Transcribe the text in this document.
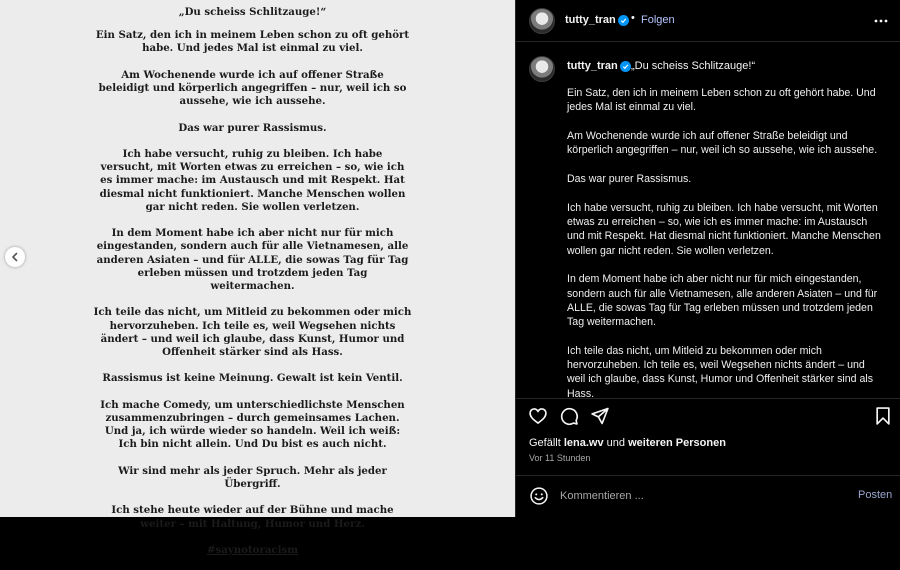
„Du scheiss Schlitzauge!“

Ein Satz, den ich in meinem Leben schon zu oft gehört
habe. Und jedes Mal ist einmal zu viel.

Am Wochenende wurde ich auf offener Straße
beleidigt und körperlich angegriffen – nur, weil ich so
aussehe, wie ich aussehe.

Das war purer Rassismus.

Ich habe versucht, ruhig zu bleiben. Ich habe
versucht, mit Worten etwas zu erreichen – so, wie ich
es immer mache: im Austausch und mit Respekt. Hat
diesmal nicht funktioniert. Manche Menschen wollen
gar nicht reden. Sie wollen verletzen.

In dem Moment habe ich aber nicht nur für mich
eingestanden, sondern auch für alle Vietnamesen, alle
anderen Asiaten – und für ALLE, die sowas Tag für Tag
erleben müssen und trotzdem jeden Tag
weitermachen.

Ich teile das nicht, um Mitleid zu bekommen oder mich
hervorzuheben. Ich teile es, weil Wegsehen nichts
ändert – und weil ich glaube, dass Kunst, Humor und
Offenheit stärker sind als Hass.

Rassismus ist keine Meinung. Gewalt ist kein Ventil.

Ich mache Comedy, um unterschiedlichste Menschen
zusammenzubringen – durch gemeinsames Lachen.
Und ja, ich würde wieder so handeln. Weil ich weiß:
Ich bin nicht allein. Und Du bist es auch nicht.

Wir sind mehr als jeder Spruch. Mehr als jeder
Übergriff.

Ich stehe heute wieder auf der Bühne und mache
weiter – mit Haltung, Humor und Herz.

#saynotoracism

tutty_tran • Folgen
tutty_tran „Du scheiss Schlitzauge!“

Ein Satz, den ich in meinem Leben schon zu oft gehört habe. Und jedes Mal ist einmal zu viel.

Am Wochenende wurde ich auf offener Straße beleidigt und körperlich angegriffen – nur, weil ich so aussehe, wie ich aussehe.

Das war purer Rassismus.

Ich habe versucht, ruhig zu bleiben. Ich habe versucht, mit Worten etwas zu erreichen – so, wie ich es immer mache: im Austausch und mit Respekt. Hat diesmal nicht funktioniert. Manche Menschen wollen gar nicht reden. Sie wollen verletzen.

In dem Moment habe ich aber nicht nur für mich eingestanden, sondern auch für alle Vietnamesen, alle anderen Asiaten – und für ALLE, die sowas Tag für Tag erleben müssen und trotzdem jeden Tag weitermachen.

Ich teile das nicht, um Mitleid zu bekommen oder mich hervorzuheben. Ich teile es, weil Wegsehen nichts ändert – und weil ich glaube, dass Kunst, Humor und Offenheit stärker sind als Hass.

Gefällt lena.wv und weiteren Personen
Vor 11 Stunden
Kommentieren ...
Posten
